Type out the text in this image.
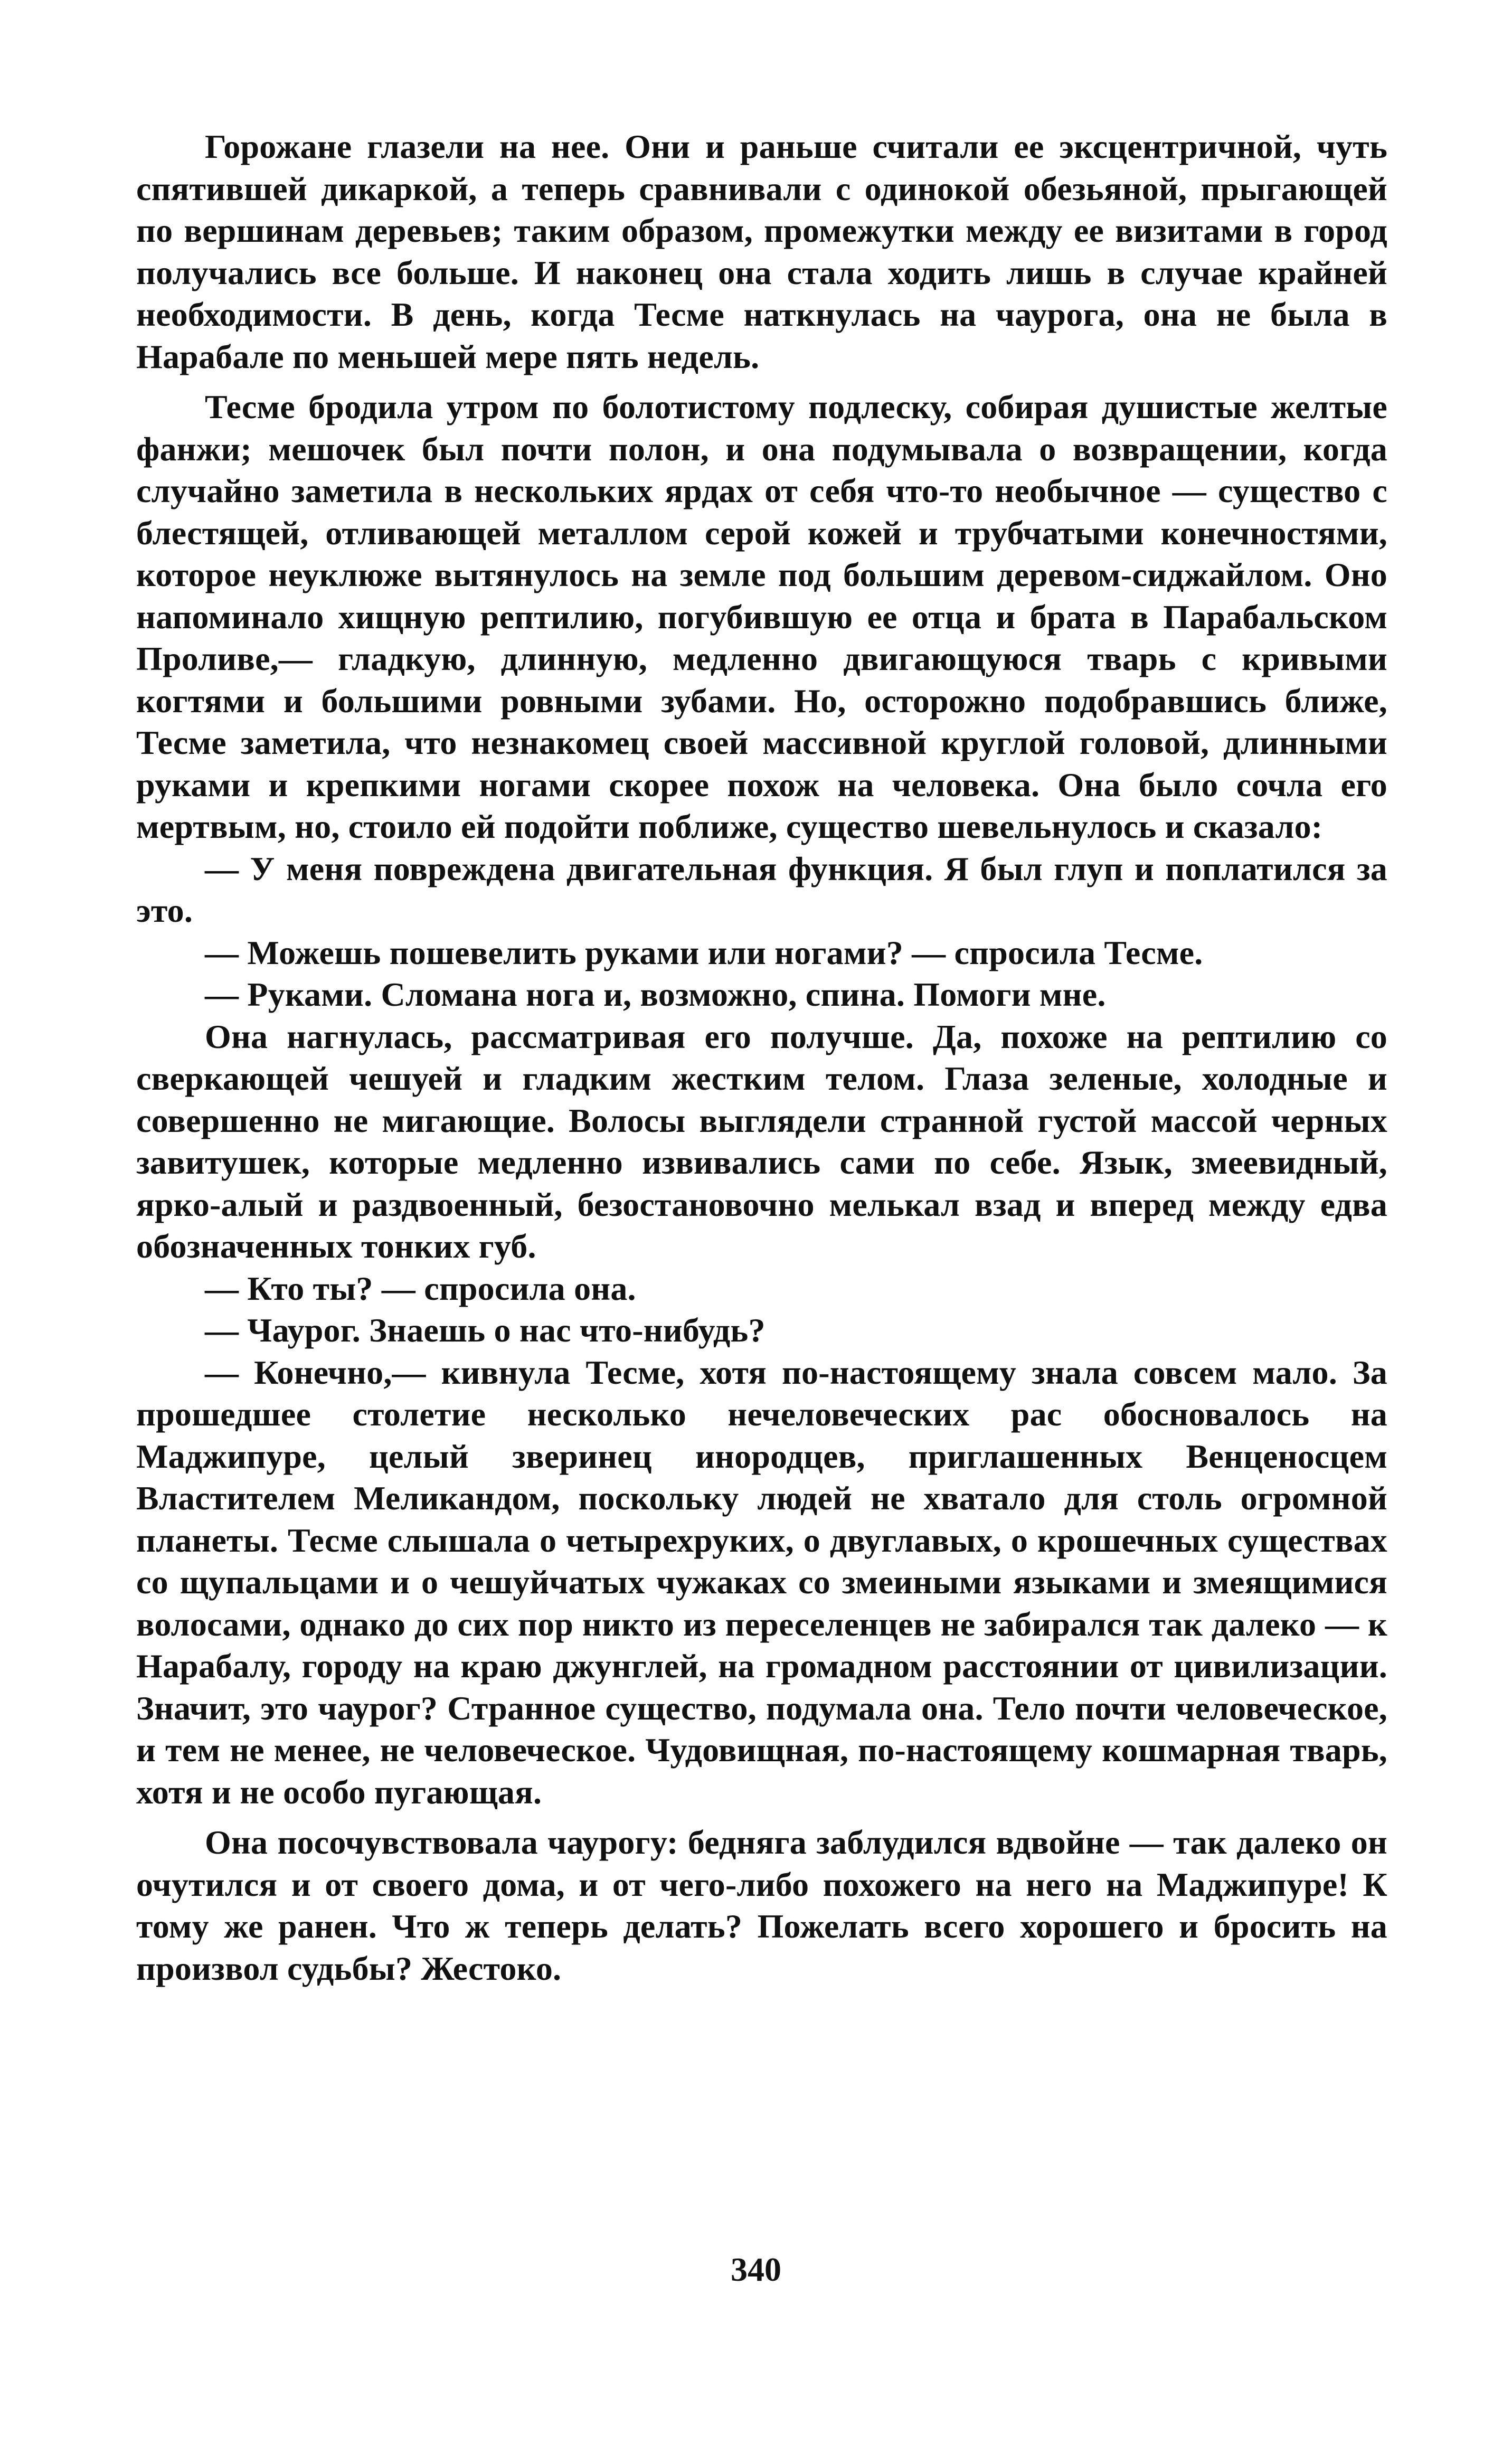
Горожане глазели на нее. Они и раньше считали ее эксцентричной, чуть спятившей дикаркой, а теперь сравнивали с одинокой обезьяной, прыгающей по вершинам деревьев; таким образом, промежутки между ее визитами в город получались все больше. И наконец она стала ходить лишь в случае крайней необходимости. В день, когда Тесме наткнулась на чаурога, она не была в Нарабале по меньшей мере пять недель.

Тесме бродила утром по болотистому подлеску, собирая душистые желтые фанжи; мешочек был почти полон, и она подумывала о возвращении, когда случайно заметила в нескольких ярдах от себя что-то необычное — существо с блестящей, отливающей металлом серой кожей и трубчатыми конечностями, которое неуклюже вытянулось на земле под большим деревом-сиджайлом. Оно напоминало хищную рептилию, погубившую ее отца и брата в Парабальском Проливе,— гладкую, длинную, медленно двигающуюся тварь с кривыми когтями и большими ровными зубами. Но, осторожно подобравшись ближе, Тесме заметила, что незнакомец своей массивной круглой головой, длинными руками и крепкими ногами скорее похож на человека. Она было сочла его мертвым, но, стоило ей подойти поближе, существо шевельнулось и сказало:

— У меня повреждена двигательная функция. Я был глуп и поплатился за это.

— Можешь пошевелить руками или ногами? — спросила Тесме.

— Руками. Сломана нога и, возможно, спина. Помоги мне.

Она нагнулась, рассматривая его получше. Да, похоже на рептилию со сверкающей чешуей и гладким жестким телом. Глаза зеленые, холодные и совершенно не мигающие. Волосы выглядели странной густой массой черных завитушек, которые медленно извивались сами по себе. Язык, змеевидный, ярко-алый и раздвоенный, безостановочно мелькал взад и вперед между едва обозначенных тонких губ.

— Кто ты? — спросила она.

— Чаурог. Знаешь о нас что-нибудь?

— Конечно,— кивнула Тесме, хотя по-настоящему знала совсем мало. За прошедшее столетие несколько нечеловеческих рас обосновалось на Маджипуре, целый зверинец инородцев, приглашенных Венценосцем Властителем Меликандом, поскольку людей не хватало для столь огромной планеты. Тесме слышала о четырехруких, о двуглавых, о крошечных существах со щупальцами и о чешуйчатых чужаках со змеиными языками и змеящимися волосами, однако до сих пор никто из переселенцев не забирался так далеко — к Нарабалу, городу на краю джунглей, на громадном расстоянии от цивилизации. Значит, это чаурог? Странное существо, подумала она. Тело почти человеческое, и тем не менее, не человеческое. Чудовищная, по-настоящему кошмарная тварь, хотя и не особо пугающая.

Она посочувствовала чаурогу: бедняга заблудился вдвойне — так далеко он очутился и от своего дома, и от чего-либо похожего на него на Маджипуре! К тому же ранен. Что ж теперь делать? Пожелать всего хорошего и бросить на произвол судьбы? Жестоко.

340
